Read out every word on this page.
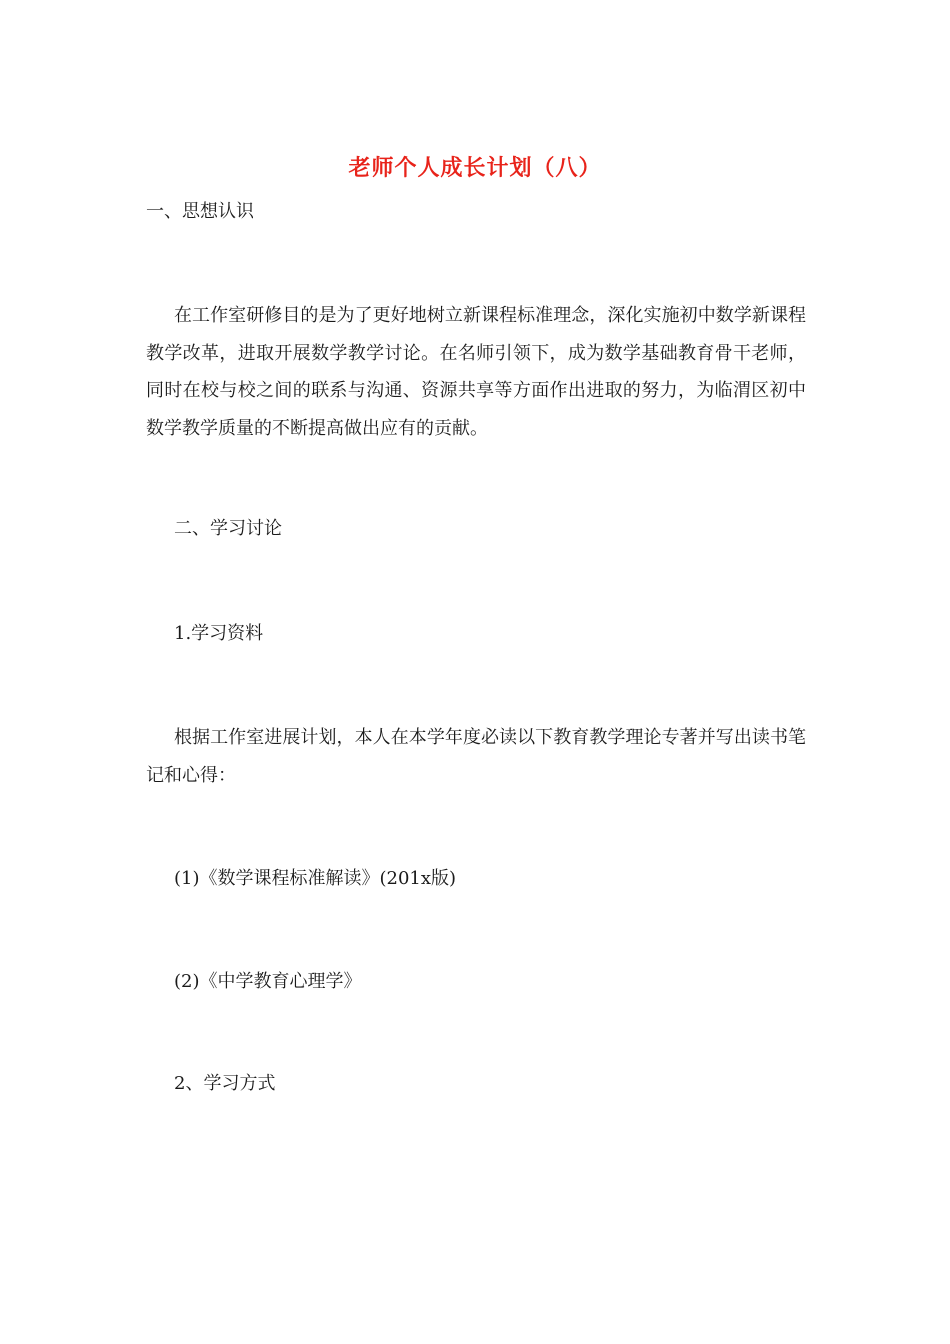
老师个人成长计划（八）
一、思想认识
在工作室研修目的是为了更好地树立新课程标准理念，深化实施初中数学新课程教学改革，进取开展数学教学讨论。在名师引领下，成为数学基础教育骨干老师，同时在校与校之间的联系与沟通、资源共享等方面作出进取的努力，为临渭区初中数学教学质量的不断提高做出应有的贡献。
二、学习讨论
1.学习资料
根据工作室进展计划，本人在本学年度必读以下教育教学理论专著并写出读书笔记和心得：
(1)《数学课程标准解读》(201x版)
(2)《中学教育心理学》
2、学习方式
